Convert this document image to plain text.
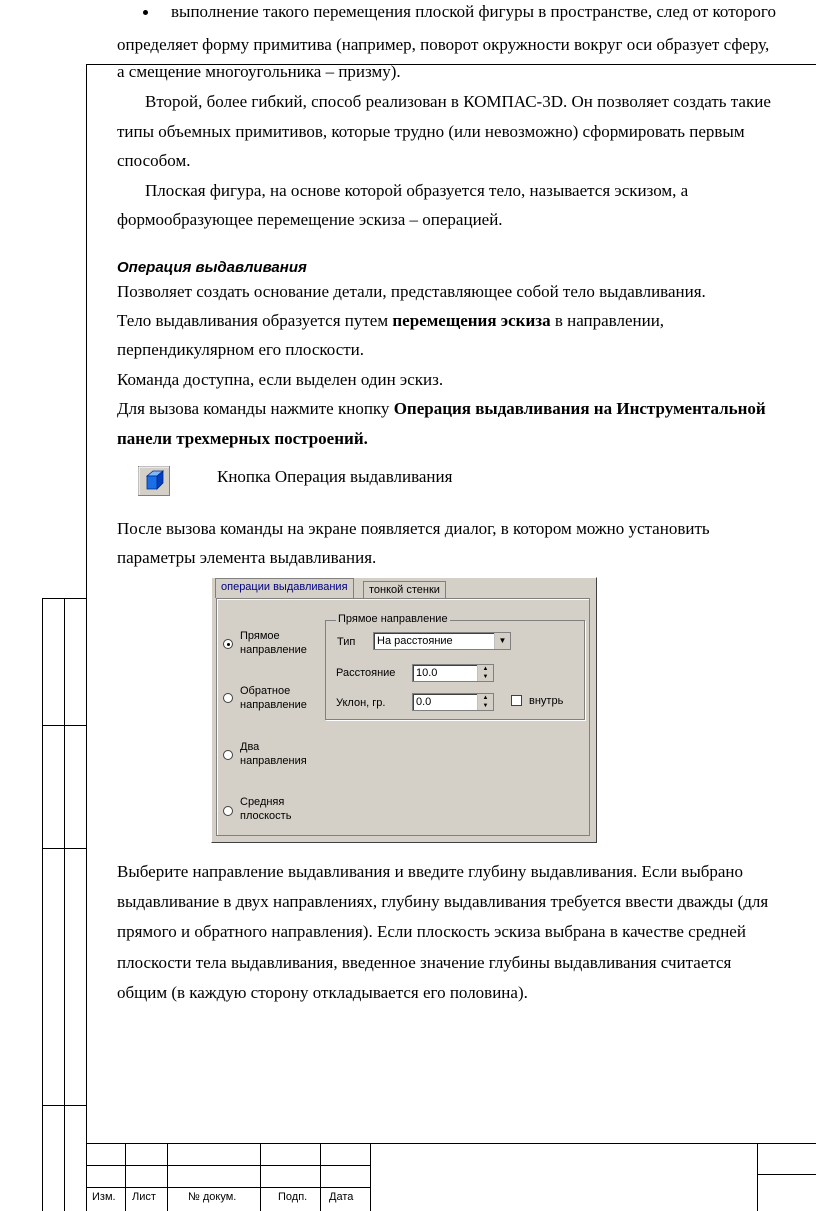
выполнение такого перемещения плоской фигуры в пространстве, след от которого
определяет форму примитива (например, поворот окружности вокруг оси образует сферу,
а смещение многоугольника – призму).
Второй, более гибкий, способ реализован в КОМПАС-3D. Он позволяет создать такие
типы объемных примитивов, которые трудно (или невозможно) сформировать первым
способом.
Плоская фигура, на основе которой образуется тело, называется эскизом, а
формообразующее перемещение эскиза – операцией.
Операция выдавливания
Позволяет создать основание детали, представляющее собой тело выдавливания.
Тело выдавливания образуется путем перемещения эскиза в направлении,
перпендикулярном его плоскости.
Команда доступна, если выделен один эскиз.
Для вызова команды нажмите кнопку Операция выдавливания на Инструментальной
панели трехмерных построений.
Кнопка Операция выдавливания
После вызова команды на экране появляется диалог, в котором можно установить
параметры элемента выдавливания.
операции выдавливания	тонкой стенки
Прямое
направление
Обратное
направление
Два
направления
Средняя
плоскость
Прямое направление
Тип	На расстояние	▼
Расстояние	10.0	▲
▼
Уклон, гр.	0.0	▲
▼	внутрь
Выберите направление выдавливания и введите глубину выдавливания. Если выбрано
выдавливание в двух направлениях, глубину выдавливания требуется ввести дважды (для
прямого и обратного направления). Если плоскость эскиза выбрана в качестве средней
плоскости тела выдавливания, введенное значение глубины выдавливания считается
общим (в каждую сторону откладывается его половина).
Изм. Лист	№ докум.	Подп. Дата
